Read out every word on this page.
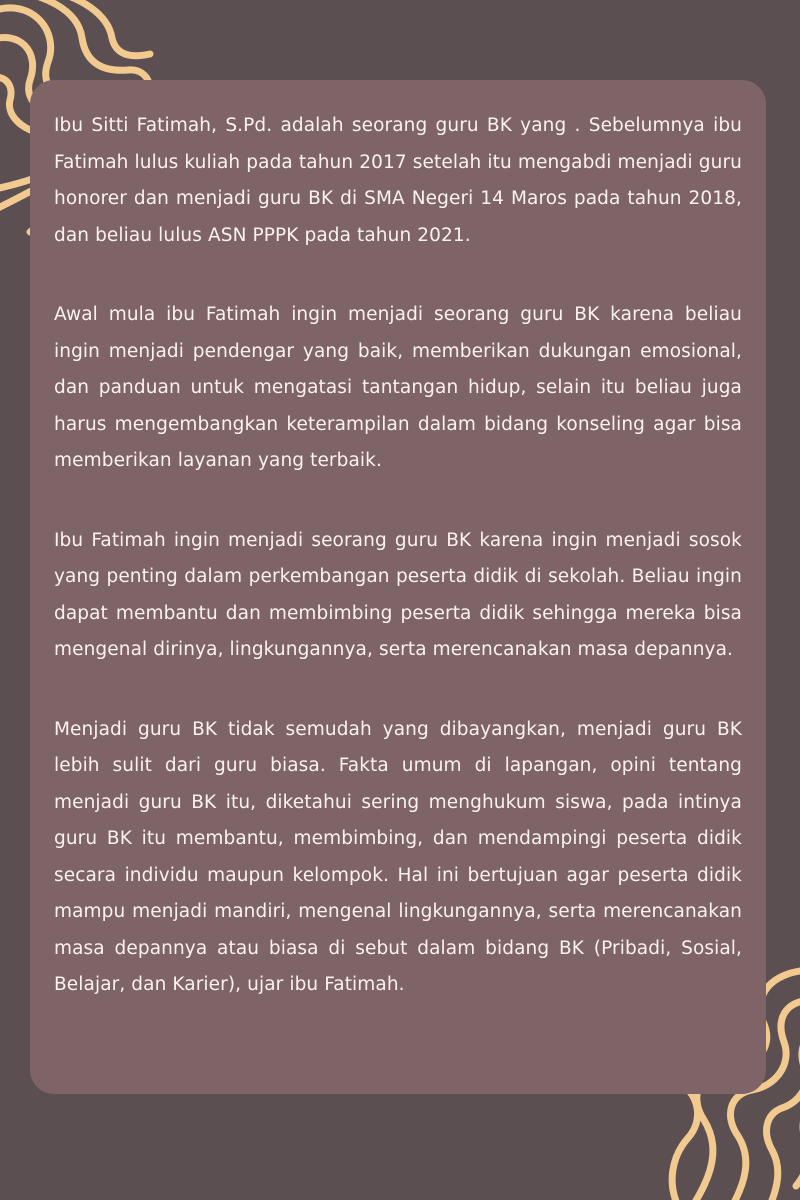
Ibu Sitti Fatimah, S.Pd. adalah seorang guru BK yang . Sebelumnya ibu Fatimah lulus kuliah pada tahun 2017 setelah itu mengabdi menjadi guru honorer dan menjadi guru BK di SMA Negeri 14 Maros pada tahun 2018, dan beliau lulus ASN PPPK pada tahun 2021.

Awal mula ibu Fatimah ingin menjadi seorang guru BK karena beliau ingin menjadi pendengar yang baik, memberikan dukungan emosional, dan panduan untuk mengatasi tantangan hidup, selain itu beliau juga harus mengembangkan keterampilan dalam bidang konseling agar bisa memberikan layanan yang terbaik.

Ibu Fatimah ingin menjadi seorang guru BK karena ingin menjadi sosok yang penting dalam perkembangan peserta didik di sekolah. Beliau ingin dapat membantu dan membimbing peserta didik sehingga mereka bisa mengenal dirinya, lingkungannya, serta merencanakan masa depannya.

Menjadi guru BK tidak semudah yang dibayangkan, menjadi guru BK lebih sulit dari guru biasa. Fakta umum di lapangan, opini tentang menjadi guru BK itu, diketahui sering menghukum siswa, pada intinya guru BK itu membantu, membimbing, dan mendampingi peserta didik secara individu maupun kelompok. Hal ini bertujuan agar peserta didik mampu menjadi mandiri, mengenal lingkungannya, serta merencanakan masa depannya atau biasa di sebut dalam bidang BK (Pribadi, Sosial, Belajar, dan Karier), ujar ibu Fatimah.
